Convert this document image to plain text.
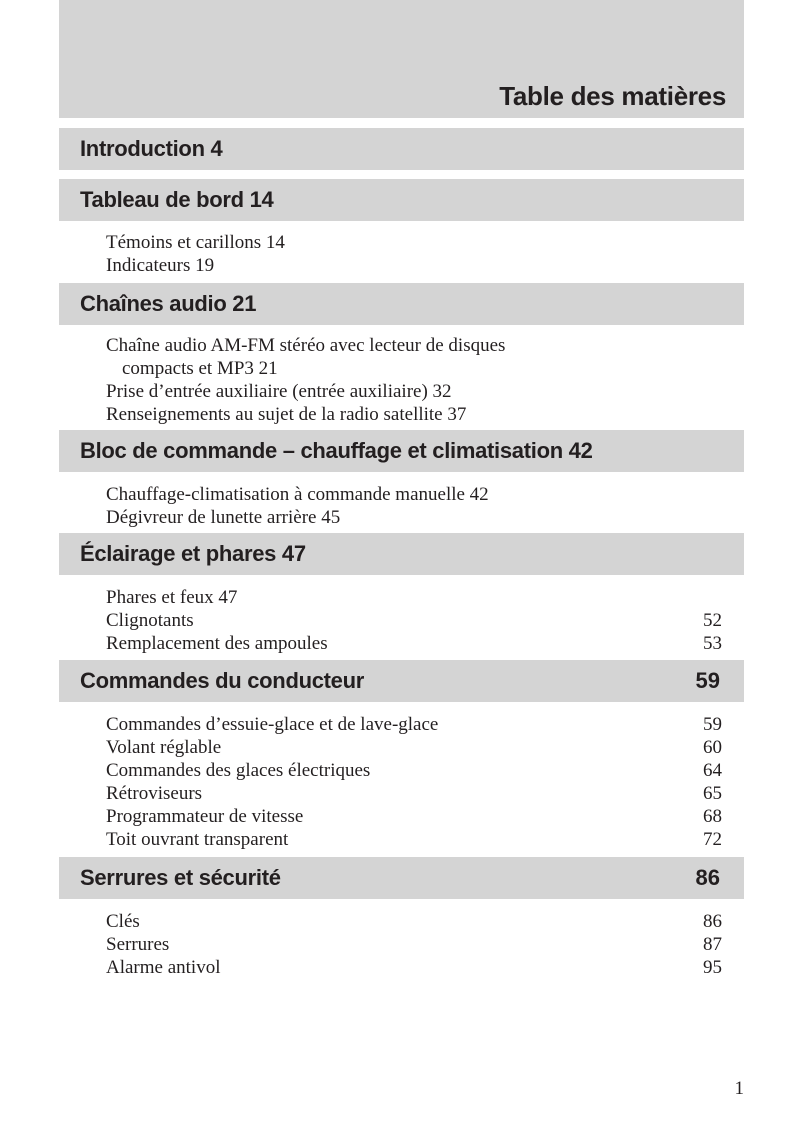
Table des matières
Introduction 4
Tableau de bord 14
Témoins et carillons 14
Indicateurs 19
Chaînes audio 21
Chaîne audio AM-FM stéréo avec lecteur de disques
compacts et MP3 21
Prise d’entrée auxiliaire (entrée auxiliaire) 32
Renseignements au sujet de la radio satellite 37
Bloc de commande – chauffage et climatisation 42
Chauffage-climatisation à commande manuelle 42
Dégivreur de lunette arrière 45
Éclairage et phares 47
Phares et feux 47
Clignotants	52
Remplacement des ampoules	53
Commandes du conducteur	59
Commandes d’essuie-glace et de lave-glace	59
Volant réglable	60
Commandes des glaces électriques	64
Rétroviseurs	65
Programmateur de vitesse	68
Toit ouvrant transparent	72
Serrures et sécurité	86
Clés	86
Serrures	87
Alarme antivol	95
1
